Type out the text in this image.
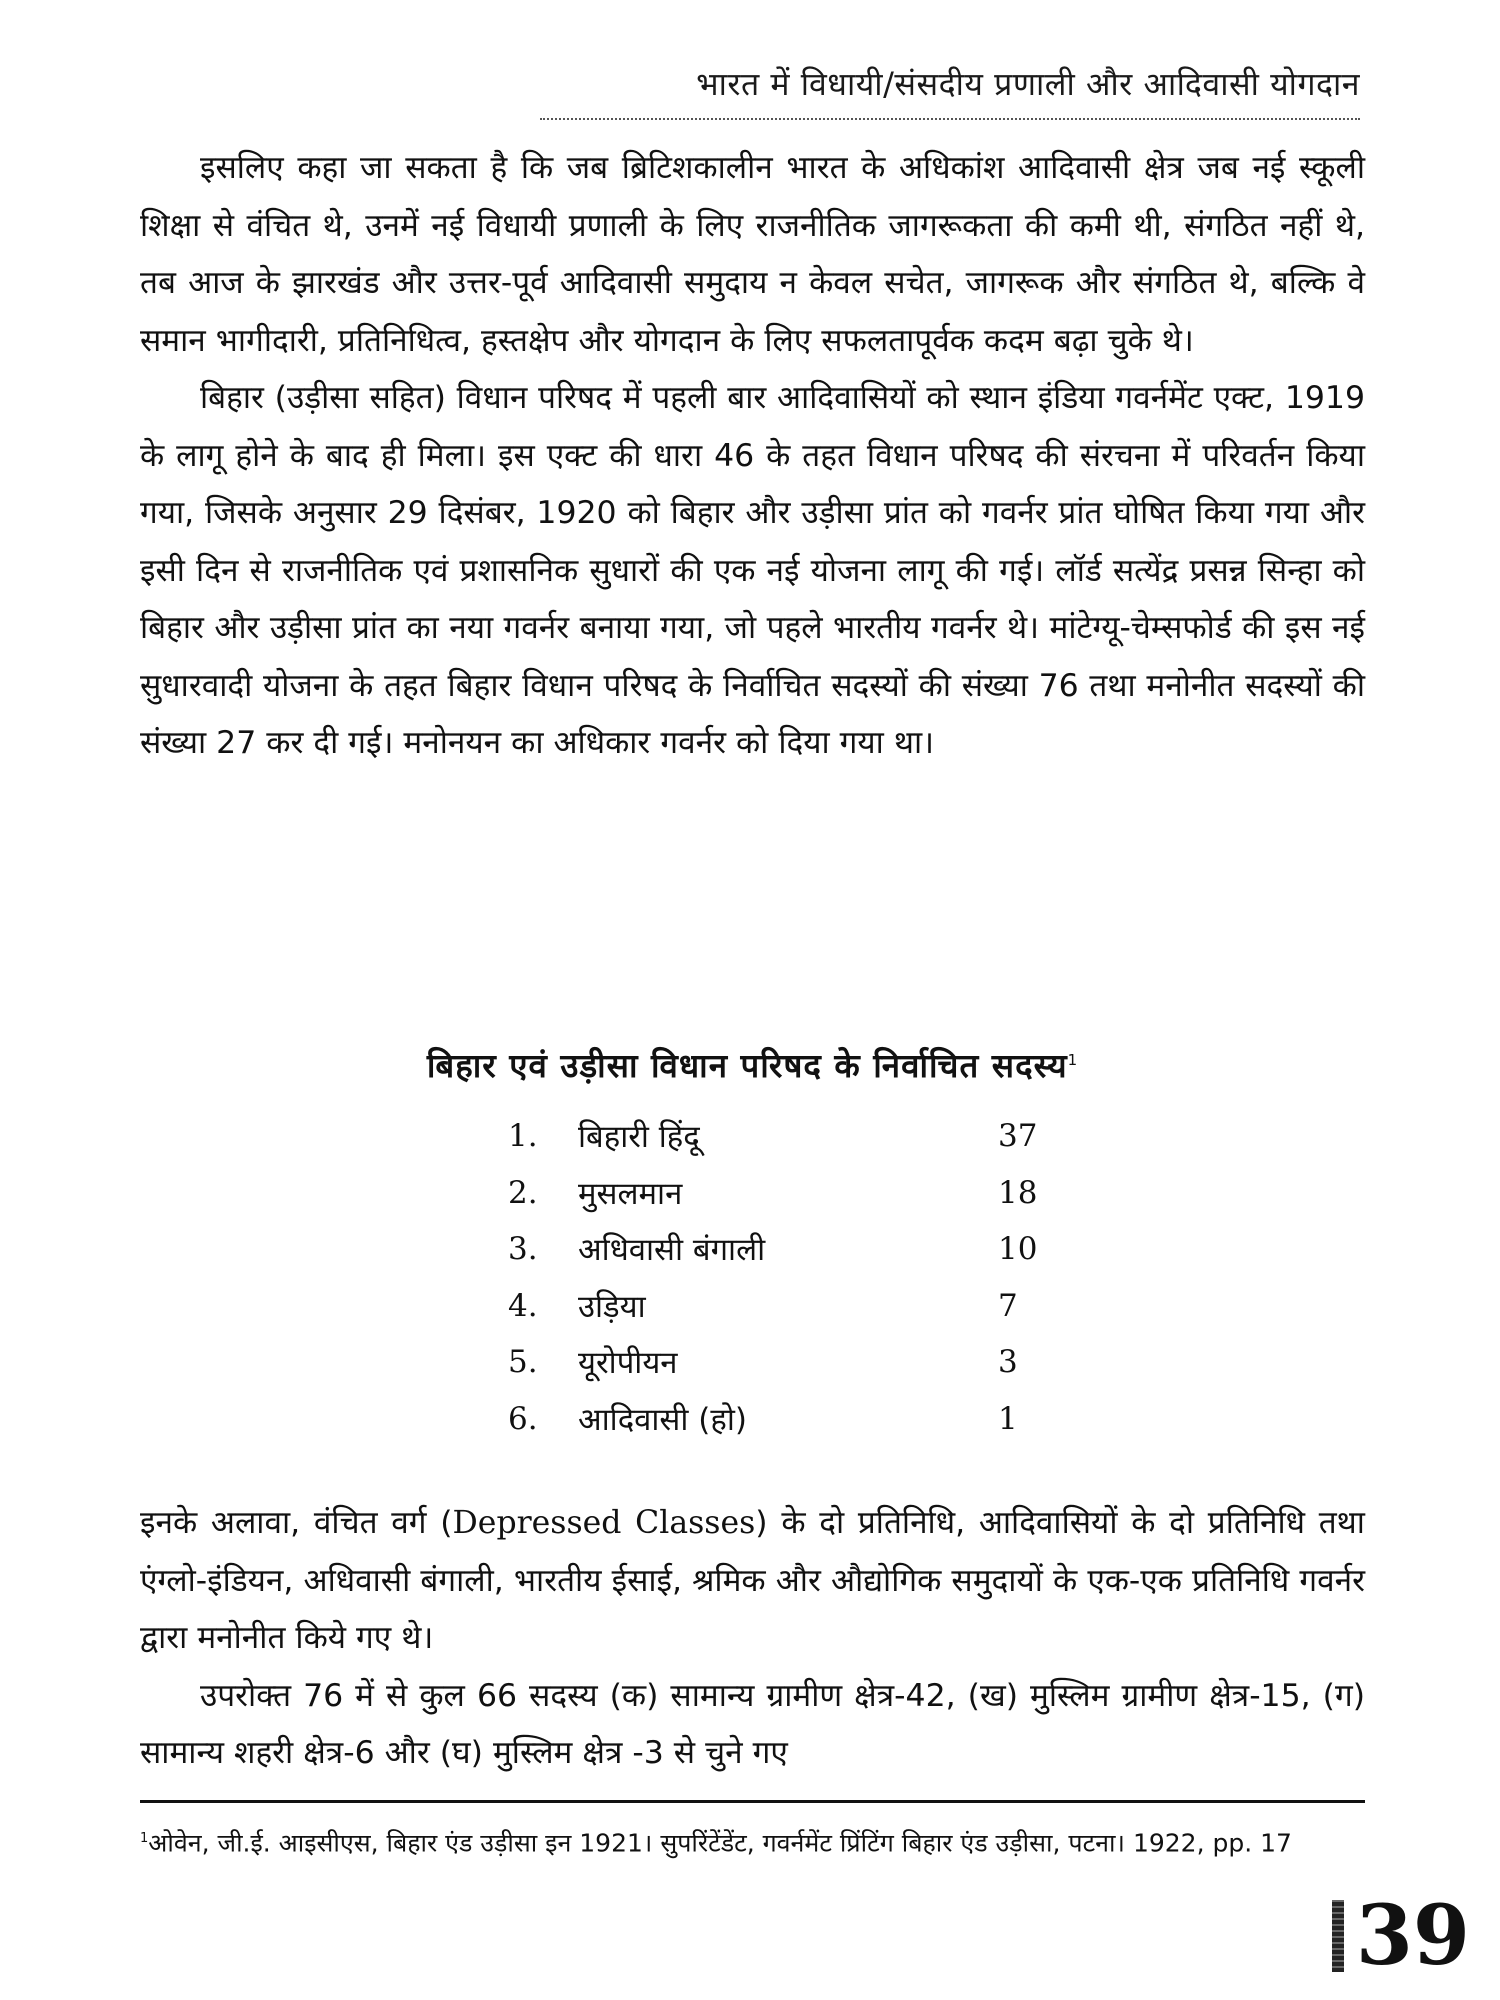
भारत में विधायी/संसदीय प्रणाली और आदिवासी योगदान

इसलिए कहा जा सकता है कि जब ब्रिटिशकालीन भारत के अधिकांश आदिवासी क्षेत्र जब नई स्कूली शिक्षा से वंचित थे, उनमें नई विधायी प्रणाली के लिए राजनीतिक जागरूकता की कमी थी, संगठित नहीं थे, तब आज के झारखंड और उत्तर-पूर्व आदिवासी समुदाय न केवल सचेत, जागरूक और संगठित थे, बल्कि वे समान भागीदारी, प्रतिनिधित्व, हस्तक्षेप और योगदान के लिए सफलतापूर्वक कदम बढ़ा चुके थे।

बिहार (उड़ीसा सहित) विधान परिषद में पहली बार आदिवासियों को स्थान इंडिया गवर्नमेंट एक्ट, 1919 के लागू होने के बाद ही मिला। इस एक्ट की धारा 46 के तहत विधान परिषद की संरचना में परिवर्तन किया गया, जिसके अनुसार 29 दिसंबर, 1920 को बिहार और उड़ीसा प्रांत को गवर्नर प्रांत घोषित किया गया और इसी दिन से राजनीतिक एवं प्रशासनिक सुधारों की एक नई योजना लागू की गई। लॉर्ड सत्येंद्र प्रसन्न सिन्हा को बिहार और उड़ीसा प्रांत का नया गवर्नर बनाया गया, जो पहले भारतीय गवर्नर थे। मांटेग्यू-चेम्सफोर्ड की इस नई सुधारवादी योजना के तहत बिहार विधान परिषद के निर्वाचित सदस्यों की संख्या 76 तथा मनोनीत सदस्यों की संख्या 27 कर दी गई। मनोनयन का अधिकार गवर्नर को दिया गया था।

बिहार एवं उड़ीसा विधान परिषद के निर्वाचित सदस्य$^1$
1.	बिहारी हिंदू	37
2.	मुसलमान	18
3.	अधिवासी बंगाली	10
4.	उड़िया	7
5.	यूरोपीयन	3
6.	आदिवासी (हो)	1

इनके अलावा, वंचित वर्ग (Depressed Classes) के दो प्रतिनिधि, आदिवासियों के दो प्रतिनिधि तथा एंग्लो-इंडियन, अधिवासी बंगाली, भारतीय ईसाई, श्रमिक और औद्योगिक समुदायों के एक-एक प्रतिनिधि गवर्नर द्वारा मनोनीत किये गए थे।

उपरोक्त 76 में से कुल 66 सदस्य (क) सामान्य ग्रामीण क्षेत्र-42, (ख) मुस्लिम ग्रामीण क्षेत्र-15, (ग) सामान्य शहरी क्षेत्र-6 और (घ) मुस्लिम क्षेत्र -3 से चुने गए

$^1$ओवेन, जी.ई. आइसीएस, बिहार एंड उड़ीसा इन 1921। सुपरिंटेंडेंट, गवर्नमेंट प्रिंटिंग बिहार एंड उड़ीसा, पटना। 1922, pp. 17
39
